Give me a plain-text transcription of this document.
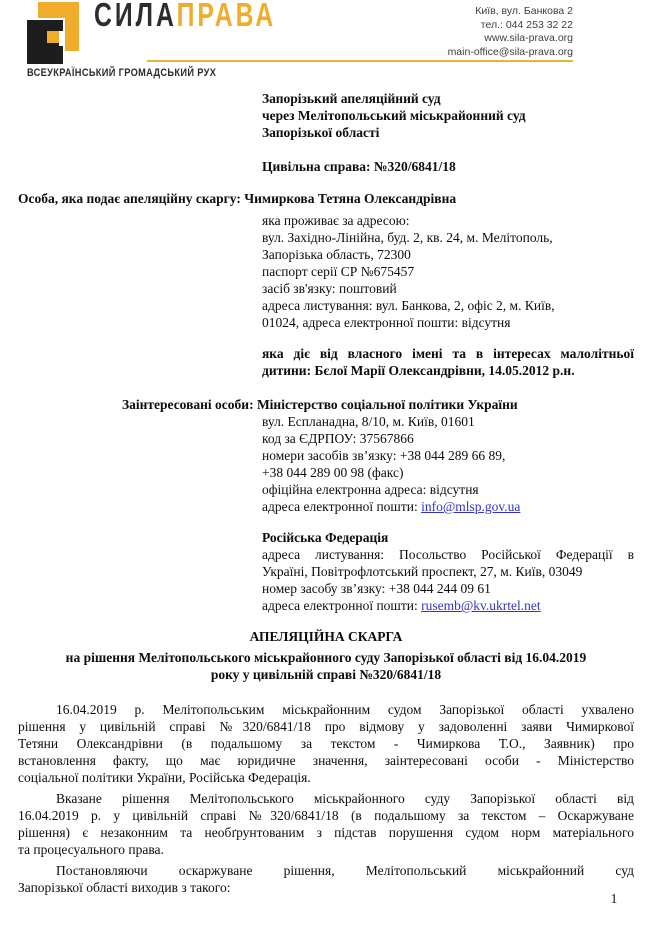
СИЛАПРАВА
ВСЕУКРАЇНСЬКИЙ ГРОМАДСЬКИЙ РУХ
Київ, вул. Банкова 2
тел.: 044 253 32 22
www.sila-prava.org
main-office@sila-prava.org
Запорізький апеляційний суд
через Мелітопольський міськрайонний суд
Запорізької області
Цивільна справа: №320/6841/18
Особа, яка подає апеляційну скаргу: Чимиркова Тетяна Олександрівна
яка проживає за адресою:
вул. Західно-Лінійна, буд. 2, кв. 24, м. Мелітополь,
Запорізька область, 72300
паспорт серії СР №675457
засіб зв'язку: поштовий
адреса листування: вул. Банкова, 2, офіс 2, м. Київ,
01024, адреса електронної пошти: відсутня
яка діє від власного імені та в інтересах малолітньої
дитини: Бєлої Марії Олександрівни, 14.05.2012 р.н.
Заінтересовані особи: Міністерство соціальної політики України
вул. Еспланадна, 8/10, м. Київ, 01601
код за ЄДРПОУ: 37567866
номери засобів зв’язку: +38 044 289 66 89,
+38 044 289 00 98 (факс)
офіційна електронна адреса: відсутня
адреса електронної пошти: info@mlsp.gov.ua
Російська Федерація
адреса листування: Посольство Російської Федерації в
Україні, Повітрофлотський проспект, 27, м. Київ, 03049
номер засобу зв’язку: +38 044 244 09 61
адреса електронної пошти: rusemb@kv.ukrtel.net
АПЕЛЯЦІЙНА СКАРГА
на рішення Мелітопольського міськрайонного суду Запорізької області від 16.04.2019
року у цивільній справі №320/6841/18
16.04.2019 р. Мелітопольським міськрайонним судом Запорізької області ухвалено
рішення у цивільній справі №320/6841/18 про відмову у задоволенні заяви Чимиркової
Тетяни Олександрівни (в подальшому за текстом - Чимиркова Т.О., Заявник) про
встановлення факту, що має юридичне значення, заінтересовані особи - Міністерство
соціальної політики України, Російська Федерація.
Вказане рішення Мелітопольського міськрайонного суду Запорізької області від
16.04.2019 р. у цивільній справі №320/6841/18 (в подальшому за текстом – Оскаржуване
рішення) є незаконним та необґрунтованим з підстав порушення судом норм матеріального
та процесуального права.
Постановляючи оскаржуване рішення, Мелітопольський міськрайонний суд
Запорізької області виходив з такого:
1
